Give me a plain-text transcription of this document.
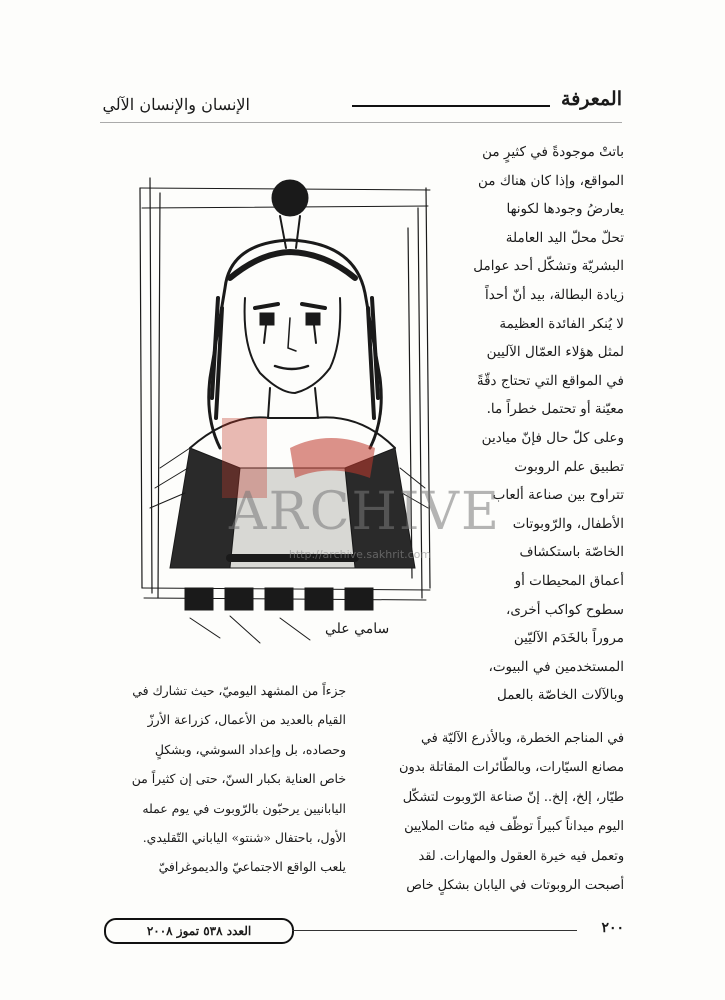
الإنسان والإنسان الآلي	المعرفة
باتتْ موجودةً في كثيرٍ من
المواقع، وإذا كان هناك من
يعارضُ وجودها لكونها
تحلّ محلّ اليد العاملة
البشريّة وتشكّل أحد عوامل
زيادة البطالة، بيد أنّ أحداً
لا يُنكر الفائدة العظيمة
لمثل هؤلاء العمّال الآليين
في المواقع التي تحتاج دقّةً
معيّنة أو تحتمل خطراً ما.
وعلى كلّ حال فإنّ ميادين
تطبيق علم الروبوت
تتراوح بين صناعة ألعاب
الأطفال، والرّوبوتات
الخاصّة باستكشاف
أعماق المحيطات أو
سطوح كواكب أخرى،
مروراً بالخَدَم الآليّين
المستخدمين في البيوت،
وبالآلات الخاصّة بالعمل
في المناجم الخطرة، وبالأذرع الآليّة في
مصانع السيّارات، وبالطّائرات المقاتلة بدون
طيّار، إلخ، إلخ.. إنّ صناعة الرّوبوت لتشكّل
اليوم ميداناً كبيراً توظّف فيه مئات الملايين
وتعمل فيه خيرة العقول والمهارات. لقد
أصبحت الروبوتات في اليابان بشكلٍ خاص
سامي علي
ARCHIVE
http://archive.sakhrit.com
جزءاً من المشهد اليوميّ، حيث تشارك في
القيام بالعديد من الأعمال، كزراعة الأرزّ
وحصاده، بل وإعداد السوشي، وبشكلٍ
خاص العناية بكبار السنّ، حتى إن كثيراً من
اليابانيين يرحبّون بالرّوبوت في يوم عمله
الأول، باحتفال «شنتو» الياباني التّقليدي.
يلعب الواقع الاجتماعيّ والديموغرافيّ
العدد ٥٣٨ تموز ٢٠٠٨	٢٠٠
